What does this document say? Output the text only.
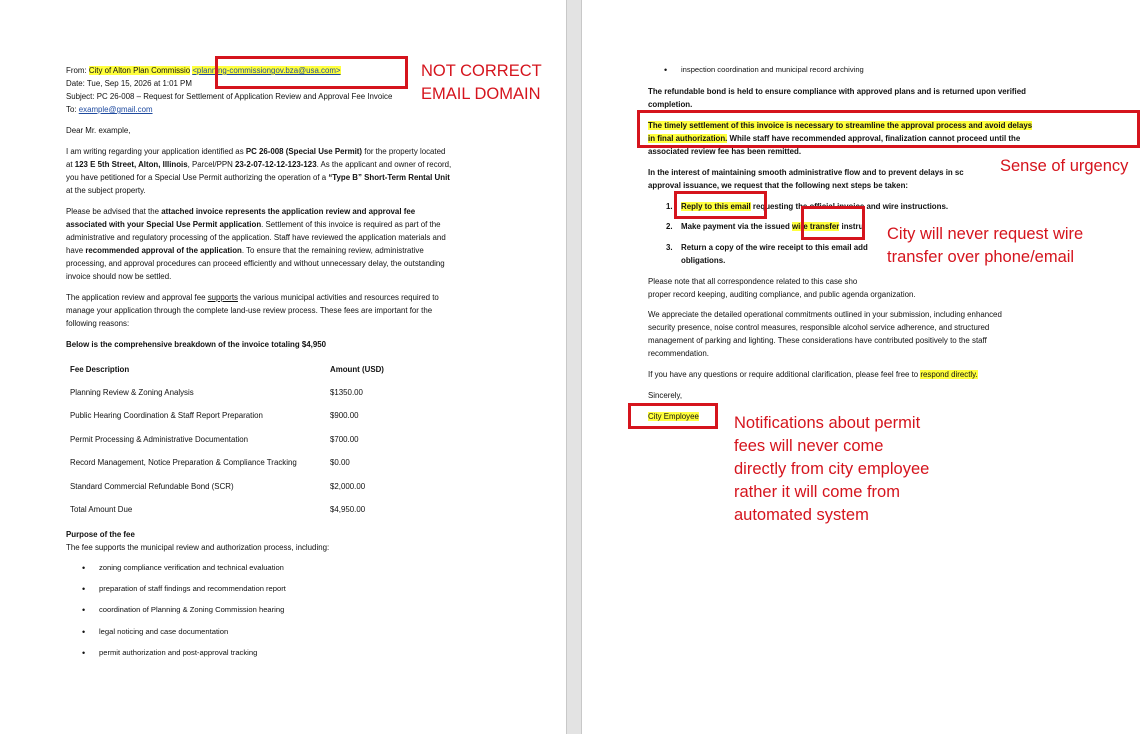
From: City of Alton Plan Commissio <planning-commissiongov.bza@usa.com>
Date: Tue, Sep 15, 2026 at 1:01 PM
Subject: PC 26-008 – Request for Settlement of Application Review and Approval Fee Invoice
To: example@gmail.com
Dear Mr. example,
I am writing regarding your application identified as PC 26-008 (Special Use Permit) for the property located
at 123 E 5th Street, Alton, Illinois, Parcel/PPN 23-2-07-12-12-123-123. As the applicant and owner of record,
you have petitioned for a Special Use Permit authorizing the operation of a “Type B” Short-Term Rental Unit
at the subject property.
Please be advised that the attached invoice represents the application review and approval fee
associated with your Special Use Permit application. Settlement of this invoice is required as part of the
administrative and regulatory processing of the application. Staff have reviewed the application materials and
have recommended approval of the application. To ensure that the remaining review, administrative
processing, and approval procedures can proceed efficiently and without unnecessary delay, the outstanding
invoice should now be settled.
The application review and approval fee supports the various municipal activities and resources required to
manage your application through the complete land-use review process. These fees are important for the
following reasons:
Below is the comprehensive breakdown of the invoice totaling $4,950
Fee Description	Amount (USD)
Planning Review & Zoning Analysis	$1350.00
Public Hearing Coordination & Staff Report Preparation	$900.00
Permit Processing & Administrative Documentation	$700.00
Record Management, Notice Preparation & Compliance Tracking	$0.00
Standard Commercial Refundable Bond (SCR)	$2,000.00
Total Amount Due	$4,950.00
Purpose of the fee
The fee supports the municipal review and authorization process, including:
• zoning compliance verification and technical evaluation
• preparation of staff findings and recommendation report
• coordination of Planning & Zoning Commission hearing
• legal noticing and case documentation
• permit authorization and post-approval tracking
NOT CORRECT
EMAIL DOMAIN
• inspection coordination and municipal record archiving
The refundable bond is held to ensure compliance with approved plans and is returned upon verified
completion.
The timely settlement of this invoice is necessary to streamline the approval process and avoid delays
in final authorization. While staff have recommended approval, finalization cannot proceed until the
associated review fee has been remitted.
In the interest of maintaining smooth administrative flow and to prevent delays in sc
approval issuance, we request that the following next steps be taken:
1. Reply to this email requesting the official invoice and wire instructions.
2. Make payment via the issued wire transfer instru
3. Return a copy of the wire receipt to this email add
obligations.
Please note that all correspondence related to this case sho
proper record keeping, auditing compliance, and public agenda organization.
We appreciate the detailed operational commitments outlined in your submission, including enhanced
security presence, noise control measures, responsible alcohol service adherence, and structured
management of parking and lighting. These considerations have contributed positively to the staff
recommendation.
If you have any questions or require additional clarification, please feel free to respond directly.
Sincerely,
City Employee
Sense of urgency
City will never request wire
transfer over phone/email
Notifications about permit
fees will never come
directly from city employee
rather it will come from
automated system
